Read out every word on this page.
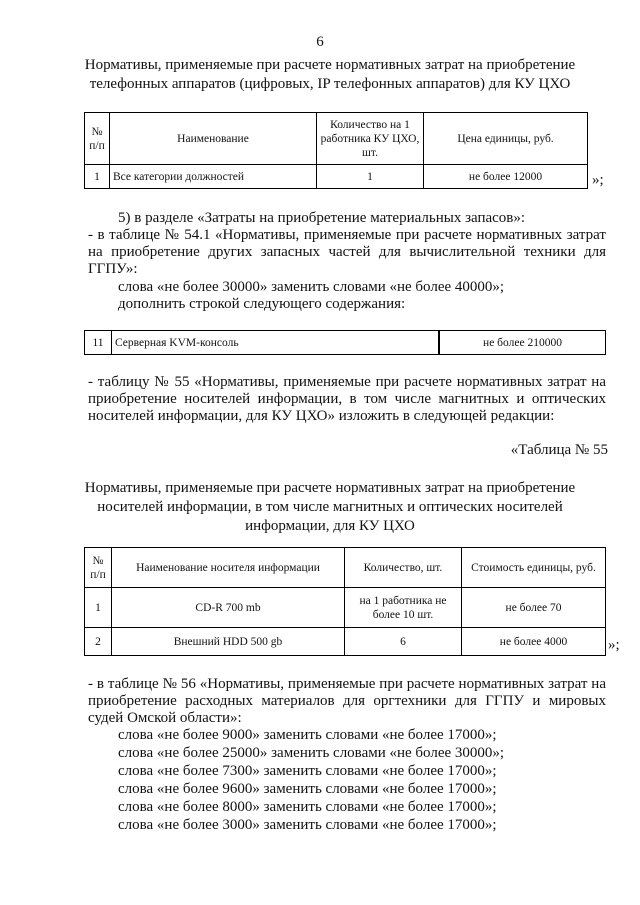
6
Нормативы, применяемые при расчете нормативных затрат на приобретение телефонных аппаратов (цифровых, IP телефонных аппаратов) для КУ ЦХО
№ п/п	Наименование	Количество на 1 работника КУ ЦХО, шт.	Цена единицы, руб.
1	Все категории должностей	1	не более 12000	»;
5) в разделе «Затраты на приобретение материальных запасов»:
- в таблице № 54.1 «Нормативы, применяемые при расчете нормативных затрат на приобретение других запасных частей для вычислительной техники для ГГПУ»:
слова «не более 30000» заменить словами «не более 40000»;
дополнить строкой следующего содержания:
11	Серверная KVM-консоль		не более 210000
- таблицу № 55 «Нормативы, применяемые при расчете нормативных затрат на приобретение носителей информации, в том числе магнитных и оптических носителей информации, для КУ ЦХО» изложить в следующей редакции:
«Таблица № 55
Нормативы, применяемые при расчете нормативных затрат на приобретение носителей информации, в том числе магнитных и оптических носителей информации, для КУ ЦХО
№ п/п	Наименование носителя информации	Количество, шт.	Стоимость единицы, руб.
1	CD-R 700 mb	на 1 работника не более 10 шт.	не более 70
2	Внешний HDD 500 gb	6	не более 4000	»;
- в таблице № 56 «Нормативы, применяемые при расчете нормативных затрат на приобретение расходных материалов для оргтехники для ГГПУ и мировых судей Омской области»:
слова «не более 9000» заменить словами «не более 17000»;
слова «не более 25000» заменить словами «не более 30000»;
слова «не более 7300» заменить словами «не более 17000»;
слова «не более 9600» заменить словами «не более 17000»;
слова «не более 8000» заменить словами «не более 17000»;
слова «не более 3000» заменить словами «не более 17000»;
